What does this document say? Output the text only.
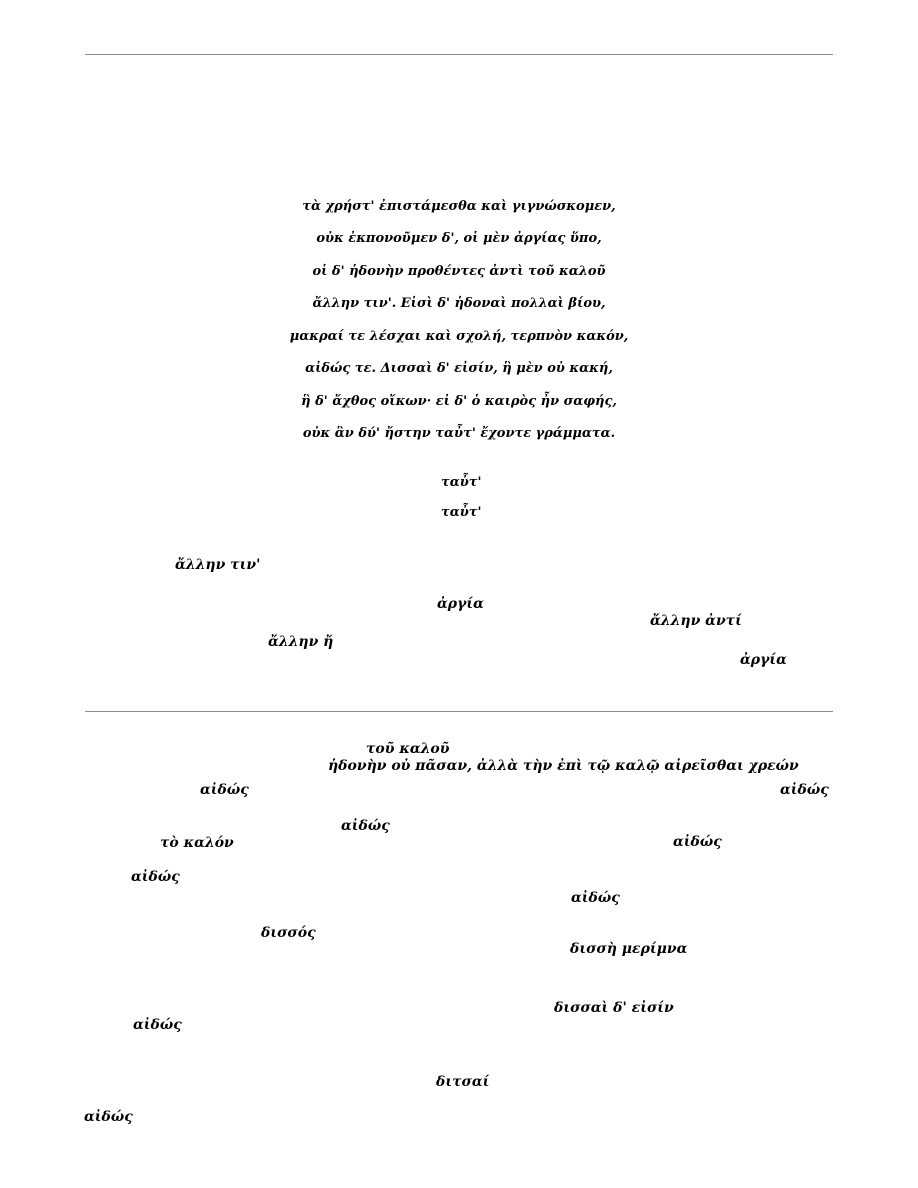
τὰ χρήστ' ἐπιστάμεσθα καὶ γιγνώσκομεν,
οὐκ ἐκπονοῦμεν δ', οἱ μὲν ἀργίας ὕπο,
οἱ δ' ἡδονὴν προθέντες ἀντὶ τοῦ καλοῦ
ἄλλην τιν'. Εἰσὶ δ' ἡδοναὶ πολλαὶ βίου,
μακραί τε λέσχαι καὶ σχολή, τερπνὸν κακόν,
αἰδώς τε. Δισσαὶ δ' εἰσίν, ἣ μὲν οὐ κακή,
ἣ δ' ἄχθος οἴκων· εἰ δ' ὁ καιρὸς ἦν σαφής,
οὐκ ἂν δύ' ἤστην ταὖτ' ἔχοντε γράμματα.
ταὖτ'
ταὖτ'
ἄλλην τιν'
ἀργία
ἄλλην ἀντί
ἄλλην ἤ
ἀργία
τοῦ καλοῦ
ἡδονὴν οὐ πᾶσαν, ἀλλὰ τὴν ἐπὶ τῷ καλῷ αἱρεῖσθαι χρεών
αἰδώς	αἰδώς
αἰδώς
τὸ καλόν	αἰδώς
αἰδώς
αἰδώς
δισσός
δισσὴ μερίμνα
δισσαὶ δ' εἰσίν
αἰδώς
διτσαί
αἰδώς
